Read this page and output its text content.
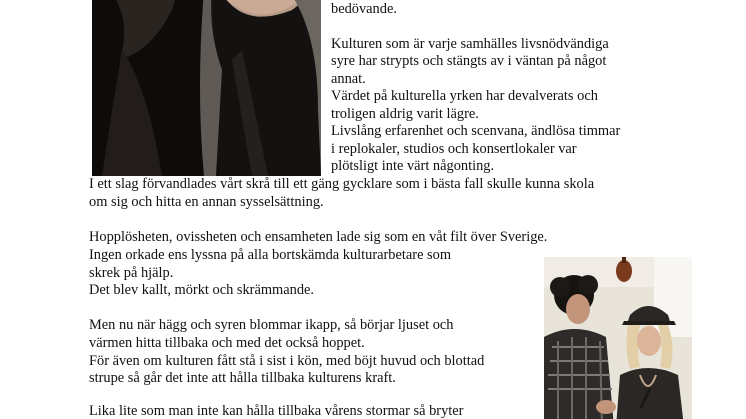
bedövande.

Kulturen som är varje samhälles livsnödvändiga

syre har strypts och stängts av i väntan på något

annat.

Värdet på kulturella yrken har devalverats och

troligen aldrig varit lägre.

Livslång erfarenhet och scenvana, ändlösa timmar

i replokaler, studios och konsertlokaler var

plötsligt inte värt någonting.

I ett slag förvandlades vårt skrå till ett gäng gycklare som i bästa fall skulle kunna skola

om sig och hitta en annan sysselsättning.

Hopplösheten, ovissheten och ensamheten lade sig som en våt filt över Sverige.

Ingen orkade ens lyssna på alla bortskämda kulturarbetare som

skrek på hjälp.

Det blev kallt, mörkt och skrämmande.

Men nu när hägg och syren blommar ikapp, så börjar ljuset och

värmen hitta tillbaka och med det också hoppet.

För även om kulturen fått stå i sist i kön, med böjt huvud och blottad

strupe så går det inte att hålla tillbaka kulturens kraft.

Lika lite som man inte kan hålla tillbaka vårens stormar så bryter
